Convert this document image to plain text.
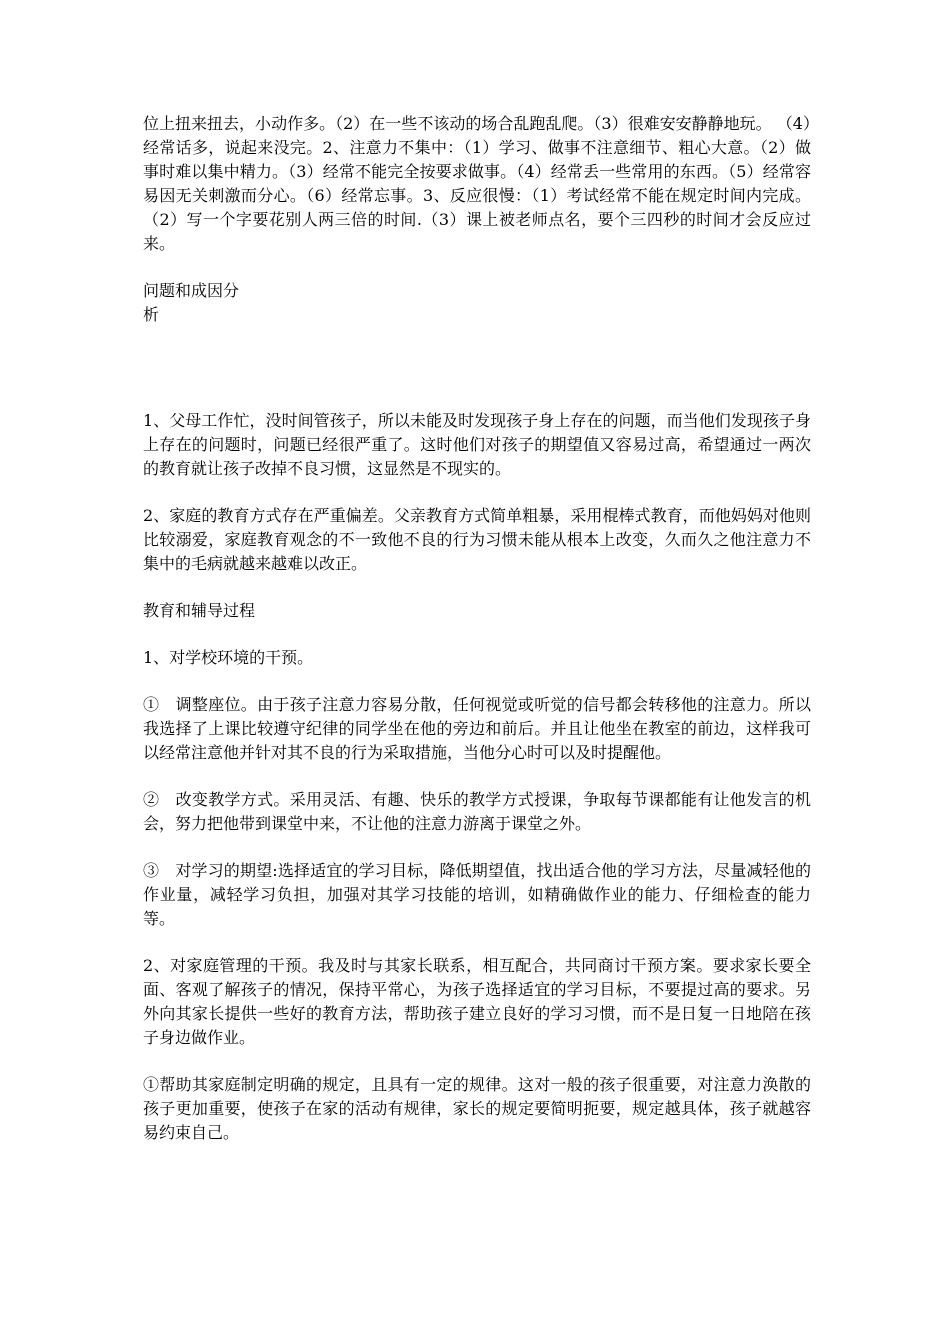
位上扭来扭去，小动作多。（2）在一些不该动的场合乱跑乱爬。（3）很难安安静静地玩。 （4）经常话多，说起来没完。2、注意力不集中：（1）学习、做事不注意细节、粗心大意。（2）做事时难以集中精力。（3）经常不能完全按要求做事。（4）经常丢一些常用的东西。（5）经常容易因无关刺激而分心。（6）经常忘事。3、反应很慢：（1）考试经常不能在规定时间内完成。（2）写一个字要花别人两三倍的时间.（3）课上被老师点名，要个三四秒的时间才会反应过来。

问题和成因分
析

1、父母工作忙，没时间管孩子，所以未能及时发现孩子身上存在的问题，而当他们发现孩子身上存在的问题时，问题已经很严重了。这时他们对孩子的期望值又容易过高，希望通过一两次的教育就让孩子改掉不良习惯，这显然是不现实的。

2、家庭的教育方式存在严重偏差。父亲教育方式简单粗暴，采用棍棒式教育，而他妈妈对他则比较溺爱，家庭教育观念的不一致他不良的行为习惯未能从根本上改变，久而久之他注意力不集中的毛病就越来越难以改正。

教育和辅导过程

1、对学校环境的干预。

①　调整座位。由于孩子注意力容易分散，任何视觉或听觉的信号都会转移他的注意力。所以我选择了上课比较遵守纪律的同学坐在他的旁边和前后。并且让他坐在教室的前边，这样我可以经常注意他并针对其不良的行为采取措施，当他分心时可以及时提醒他。

②　改变教学方式。采用灵活、有趣、快乐的教学方式授课，争取每节课都能有让他发言的机会，努力把他带到课堂中来，不让他的注意力游离于课堂之外。

③　对学习的期望:选择适宜的学习目标，降低期望值，找出适合他的学习方法，尽量减轻他的作业量，减轻学习负担，加强对其学习技能的培训，如精确做作业的能力、仔细检查的能力等。

2、对家庭管理的干预。我及时与其家长联系，相互配合，共同商讨干预方案。要求家长要全面、客观了解孩子的情况，保持平常心，为孩子选择适宜的学习目标，不要提过高的要求。另外向其家长提供一些好的教育方法，帮助孩子建立良好的学习习惯，而不是日复一日地陪在孩子身边做作业。

①帮助其家庭制定明确的规定，且具有一定的规律。这对一般的孩子很重要，对注意力涣散的孩子更加重要，使孩子在家的活动有规律，家长的规定要简明扼要，规定越具体，孩子就越容易约束自己。
